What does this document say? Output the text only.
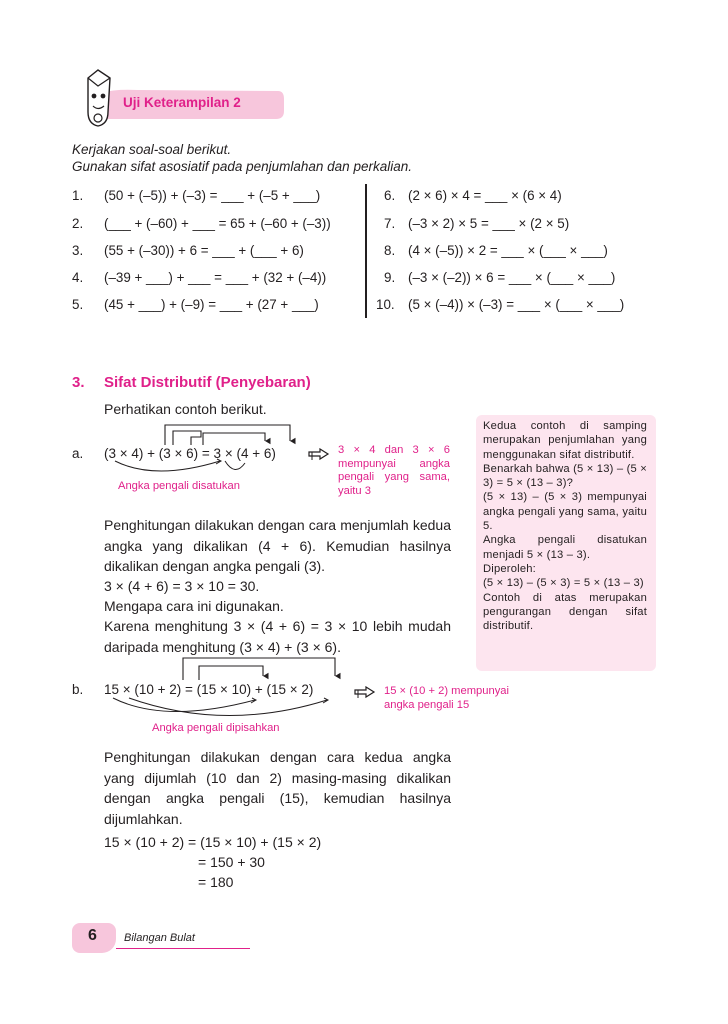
Uji Keterampilan 2
Kerjakan soal-soal berikut.
Gunakan sifat asosiatif pada penjumlahan dan perkalian.
1. (50 + (–5)) + (–3) = ___ + (–5 + ___)
2. (___ + (–60) + ___ = 65 + (–60 + (–3))
3. (55 + (–30)) + 6 = ___ + (___ + 6)
4. (–39 + ___) + ___ = ___ + (32 + (–4))
5. (45 + ___) + (–9) = ___ + (27 + ___)
6. (2 × 6) × 4 = ___ × (6 × 4)
7. (–3 × 2) × 5 = ___ × (2 × 5)
8. (4 × (–5)) × 2 = ___ × (___ × ___)
9. (–3 × (–2)) × 6 = ___ × (___ × ___)
10. (5 × (–4)) × (–3) = ___ × (___ × ___)
3. Sifat Distributif (Penyebaran)
Perhatikan contoh berikut.
a. (3 × 4) + (3 × 6) = 3 × (4 + 6)	3 × 4 dan 3 × 6 mempunyai angka pengali yang sama, yaitu 3
Angka pengali disatukan
Penghitungan dilakukan dengan cara menjumlah kedua angka yang dikalikan (4 + 6). Kemudian hasilnya dikalikan dengan angka pengali (3).
3 × (4 + 6) = 3 × 10 = 30.
Mengapa cara ini digunakan.
Karena menghitung 3 × (4 + 6) = 3 × 10 lebih mudah daripada menghitung (3 × 4) + (3 × 6).
Kedua contoh di samping merupakan penjumlahan yang menggunakan sifat distributif.
Benarkah bahwa (5 × 13) – (5 × 3) = 5 × (13 – 3)?
(5 × 13) – (5 × 3) mempunyai angka pengali yang sama, yaitu 5.
Angka pengali disatukan menjadi 5 × (13 – 3).
Diperoleh:
(5 × 13) – (5 × 3) = 5 × (13 – 3)
Contoh di atas merupakan pengurangan dengan sifat distributif.
b. 15 × (10 + 2) = (15 × 10) + (15 × 2)	15 × (10 + 2) mempunyai angka pengali 15
Angka pengali dipisahkan
Penghitungan dilakukan dengan cara kedua angka yang dijumlah (10 dan 2) masing-masing dikalikan dengan angka pengali (15), kemudian hasilnya dijumlahkan.
15 × (10 + 2) = (15 × 10) + (15 × 2)
= 150 + 30
= 180
6 Bilangan Bulat
